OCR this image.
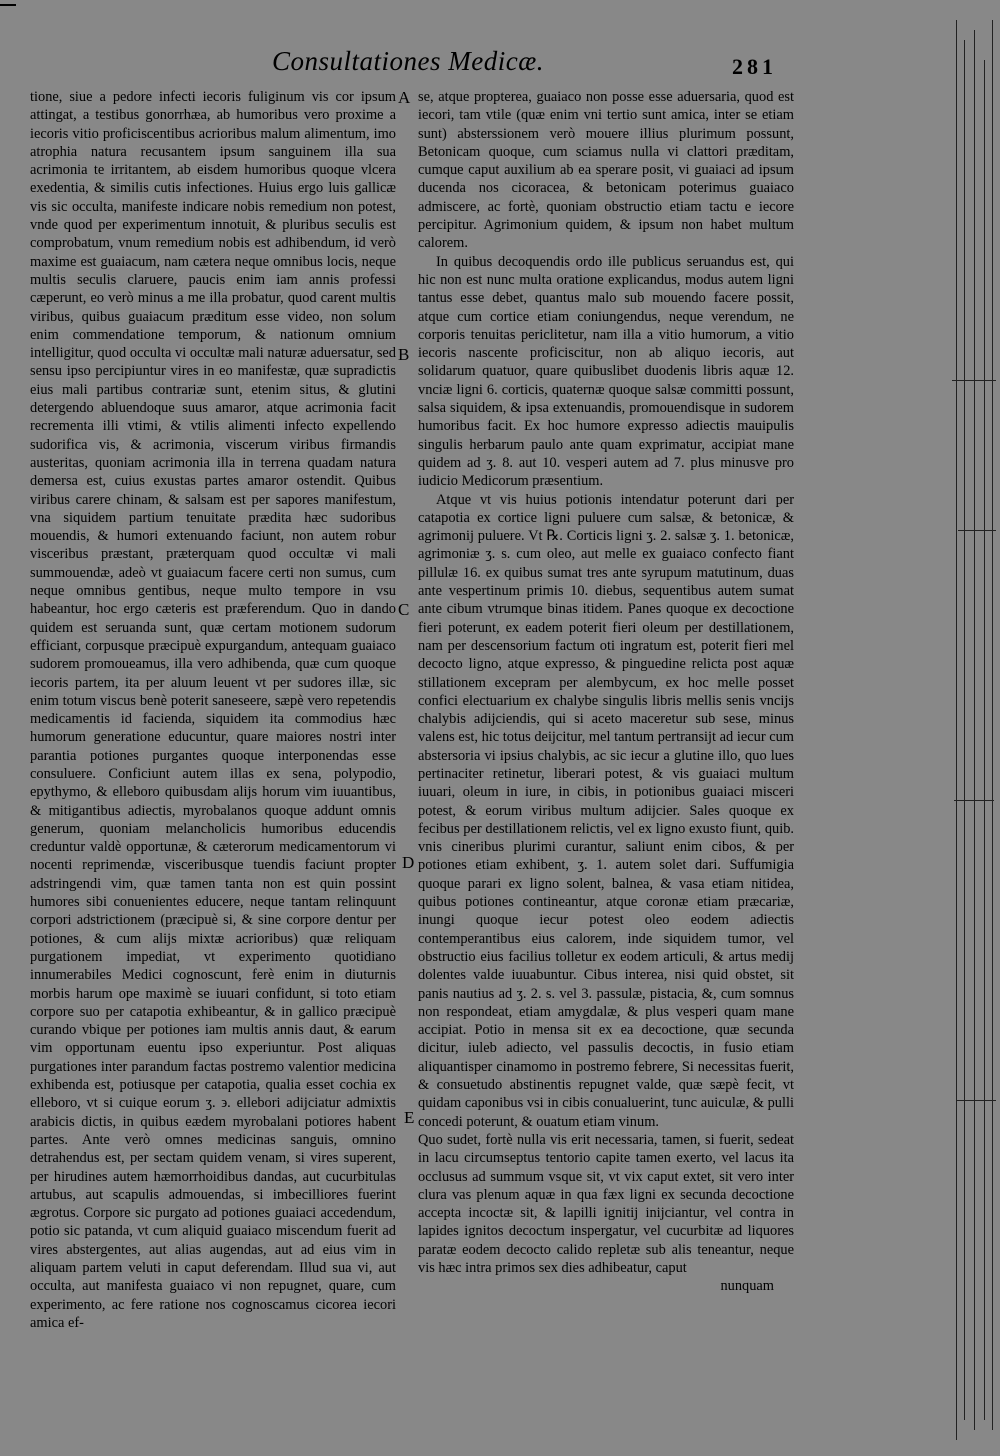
Consultationes Medicæ.	281

tione, siue a pedore infecti iecoris fuliginum vis cor ipsum attingat, a testibus gonorrhæa, ab humoribus vero proxime a iecoris vitio proficiscentibus acrioribus malum alimentum, imo atrophia natura recusantem ipsum sanguinem illa sua acrimonia te irritantem, ab eisdem humoribus quoque vlcera exedentia, & similis cutis infectiones. Huius ergo luis gallicæ vis sic occulta, manifeste indicare nobis remedium non potest, vnde quod per experimentum innotuit, & pluribus seculis est comprobatum, vnum remedium nobis est adhibendum, id verò maxime est guaiacum, nam cætera neque omnibus locis, neque multis seculis claruere, paucis enim iam annis professi cæperunt, eo verò minus a me illa probatur, quod carent multis viribus, quibus guaiacum præditum esse video, non solum enim commendatione temporum, & nationum omnium intelligitur, quod occulta vi occultæ mali naturæ aduersatur, sed sensu ipso percipiuntur vires in eo manifestæ, quæ supradictis eius mali partibus contrariæ sunt, etenim situs, & glutini detergendo abluendoque suus amaror, atque acrimonia facit recrementa illi vtimi, & vtilis alimenti infecto expellendo sudorifica vis, & acrimonia, viscerum viribus firmandis austeritas, quoniam acrimonia illa in terrena quadam natura demersa est, cuius exustas partes amaror ostendit. Quibus viribus carere chinam, & salsam est per sapores manifestum, vna siquidem partium tenuitate prædita hæc sudoribus mouendis, & humori extenuando faciunt, non autem robur visceribus præstant, præterquam quod occultæ vi mali summouendæ, adeò vt guaiacum facere certi non sumus, cum neque omnibus gentibus, neque multo tempore in vsu habeantur, hoc ergo cæteris est præferendum. Quo in dando quidem est seruanda sunt, quæ certam motionem sudorum efficiant, corpusque præcipuè expurgandum, antequam guaiaco sudorem promoueamus, illa vero adhibenda, quæ cum quoque iecoris partem, ita per aluum leuent vt per sudores illæ, sic enim totum viscus benè poterit saneseere, sæpè vero repetendis medicamentis id facienda, siquidem ita commodius hæc humorum generatione educuntur, quare maiores nostri inter parantia potiones purgantes quoque interponendas esse consuluere. Conficiunt autem illas ex sena, polypodio, epythymo, & elleboro quibusdam alijs horum vim iuuantibus, & mitigantibus adiectis, myrobalanos quoque addunt omnis generum, quoniam melancholicis humoribus educendis creduntur valdè opportunæ, & cæterorum medicamentorum vi nocenti reprimendæ, visceribusque tuendis faciunt propter adstringendi vim, quæ tamen tanta non est quin possint humores sibi conuenientes educere, neque tantam relinquunt corpori adstrictionem (præcipuè si, & sine corpore dentur per potiones, & cum alijs mixtæ acrioribus) quæ reliquam purgationem impediat, vt experimento quotidiano innumerabiles Medici cognoscunt, ferè enim in diuturnis morbis harum ope maximè se iuuari confidunt, si toto etiam corpore suo per catapotia exhibeantur, & in gallico præcipuè curando vbique per potiones iam multis annis daut, & earum vim opportunam euentu ipso experiuntur. Post aliquas purgationes inter parandum factas postremo valentior medicina exhibenda est, potiusque per catapotia, qualia esset cochia ex elleboro, vt si cuique eorum ʒ. ϶. ellebori adijciatur admixtis arabicis dictis, in quibus eædem myrobalani potiores habent partes. Ante verò omnes medicinas sanguis, omnino detrahendus est, per sectam quidem venam, si vires superent, per hirudines autem hæmorrhoidibus dandas, aut cucurbitulas artubus, aut scapulis admouendas, si imbecilliores fuerint ægrotus. Corpore sic purgato ad potiones guaiaci accedendum, potio sic patanda, vt cum aliquid guaiaco miscendum fuerit ad vires abstergentes, aut alias augendas, aut ad eius vim in aliquam partem veluti in caput deferendam. Illud sua vi, aut occulta, aut manifesta guaiaco vi non repugnet, quare, cum experimento, ac fere ratione nos cognoscamus cicorea iecori amica ef-

A
B
C
D
E

se, atque propterea, guaiaco non posse esse aduersaria, quod est iecori, tam vtile (quæ enim vni tertio sunt amica, inter se etiam sunt) absterssionem verò mouere illius plurimum possunt, Betonicam quoque, cum sciamus nulla vi clattori præditam, cumque caput auxilium ab ea sperare posit, vi guaiaci ad ipsum ducenda nos cicoracea, & betonicam poterimus guaiaco admiscere, ac fortè, quoniam obstructio etiam tactu e iecore percipitur. Agrimonium quidem, & ipsum non habet multum calorem.

In quibus decoquendis ordo ille publicus seruandus est, qui hic non est nunc multa oratione explicandus, modus autem ligni tantus esse debet, quantus malo sub mouendo facere possit, atque cum cortice etiam coniungendus, neque verendum, ne corporis tenuitas periclitetur, nam illa a vitio humorum, a vitio iecoris nascente proficiscitur, non ab aliquo iecoris, aut solidarum quatuor, quare quibuslibet duodenis libris aquæ 12. vnciæ ligni 6. corticis, quaternæ quoque salsæ committi possunt, salsa siquidem, & ipsa extenuandis, promouendisque in sudorem humoribus facit. Ex hoc humore expresso adiectis mauipulis singulis herbarum paulo ante quam exprimatur, accipiat mane quidem ad ʒ. 8. aut 10. vesperi autem ad 7. plus minusve pro iudicio Medicorum præsentium.

Atque vt vis huius potionis intendatur poterunt dari per catapotia ex cortice ligni puluere cum salsæ, & betonicæ, & agrimonij puluere. Vt ℞. Corticis ligni ʒ. 2. salsæ ʒ. 1. betonicæ, agrimoniæ ʒ. s. cum oleo, aut melle ex guaiaco confecto fiant pillulæ 16. ex quibus sumat tres ante syrupum matutinum, duas ante vespertinum primis 10. diebus, sequentibus autem sumat ante cibum vtrumque binas itidem. Panes quoque ex decoctione fieri poterunt, ex eadem poterit fieri oleum per destillationem, nam per descensorium factum oti ingratum est, poterit fieri mel decocto ligno, atque expresso, & pinguedine relicta post aquæ stillationem excepram per alembycum, ex hoc melle posset confici electuarium ex chalybe singulis libris mellis senis vncijs chalybis adijciendis, qui si aceto maceretur sub sese, minus valens est, hic totus deijcitur, mel tantum pertransijt ad iecur cum abstersoria vi ipsius chalybis, ac sic iecur a glutine illo, quo lues pertinaciter retinetur, liberari potest, & vis guaiaci multum iuuari, oleum in iure, in cibis, in potionibus guaiaci misceri potest, & eorum viribus multum adijcier. Sales quoque ex fecibus per destillationem relictis, vel ex ligno exusto fiunt, quib. vnis cineribus plurimi curantur, saliunt enim cibos, & per potiones etiam exhibent, ʒ. 1. autem solet dari. Suffumigia quoque parari ex ligno solent, balnea, & vasa etiam nitidea, quibus potiones contineantur, atque coronæ etiam præcariæ, inungi quoque iecur potest oleo eodem adiectis contemperantibus eius calorem, inde siquidem tumor, vel obstructio eius facilius tolletur ex eodem articuli, & artus medij dolentes valde iuuabuntur. Cibus interea, nisi quid obstet, sit panis nautius ad ʒ. 2. s. vel 3. passulæ, pistacia, &, cum somnus non respondeat, etiam amygdalæ, & plus vesperi quam mane accipiat. Potio in mensa sit ex ea decoctione, quæ secunda dicitur, iuleb adiecto, vel passulis decoctis, in fusio etiam aliquantisper cinamomo in postremo febrere, Si necessitas fuerit, & consuetudo abstinentis repugnet valde, quæ sæpè fecit, vt quidam caponibus vsi in cibis conualuerint, tunc auiculæ, & pulli concedi poterunt, & ouatum etiam vinum.

Quo sudet, fortè nulla vis erit necessaria, tamen, si fuerit, sedeat in lacu circumseptus tentorio capite tamen exerto, vel lacus ita occlusus ad summum vsque sit, vt vix caput extet, sit vero inter clura vas plenum aquæ in qua fæx ligni ex secunda decoctione accepta incoctæ sit, & lapilli ignitij inijciantur, vel contra in lapides ignitos decoctum inspergatur, vel cucurbitæ ad liquores paratæ eodem decocto calido repletæ sub alis teneantur, neque vis hæc intra primos sex dies adhibeatur, caput

nunquam
